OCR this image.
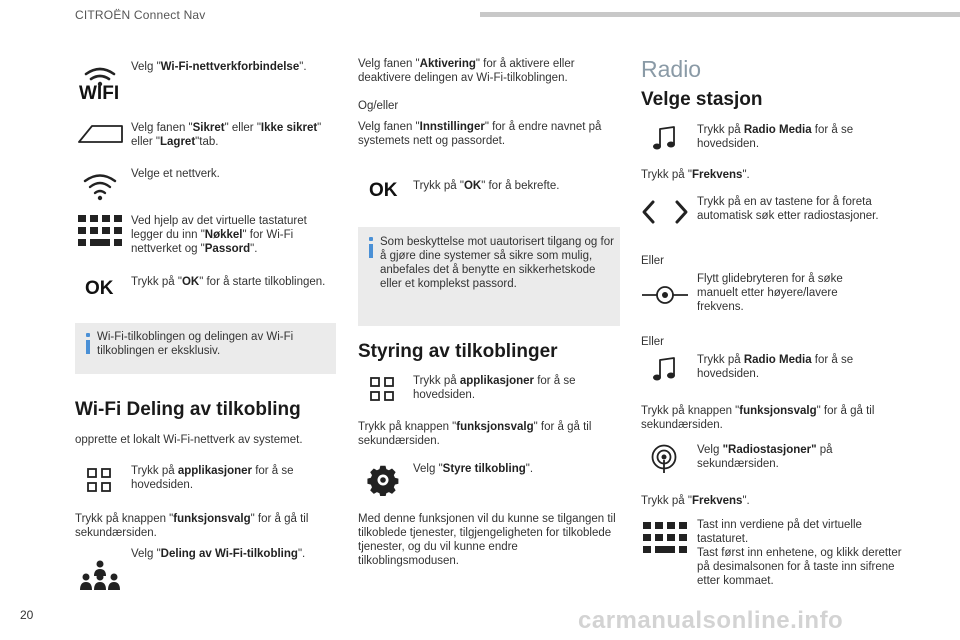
CITROËN Connect Nav
WIFI
Velg "Wi-Fi-nettverkforbindelse".
Velg fanen "Sikret" eller "Ikke sikret" eller "Lagret"tab.
Velge et nettverk.
Ved hjelp av det virtuelle tastaturet legger du inn "Nøkkel" for Wi-Fi nettverket og "Passord".
OK Trykk på "OK" for å starte tilkoblingen.
Wi-Fi-tilkoblingen og delingen av Wi-Fi tilkoblingen er eksklusiv.
Wi-Fi Deling av tilkobling
opprette et lokalt Wi-Fi-nettverk av systemet.
Trykk på applikasjoner for å se hovedsiden.
Trykk på knappen "funksjonsvalg" for å gå til sekundærsiden.
Velg "Deling av Wi-Fi-tilkobling".
Velg fanen "Aktivering" for å aktivere eller deaktivere delingen av Wi-Fi-tilkoblingen.
Og/eller
Velg fanen "Innstillinger" for å endre navnet på systemets nett og passordet.
OK Trykk på "OK" for å bekrefte.
Som beskyttelse mot uautorisert tilgang og for å gjøre dine systemer så sikre som mulig, anbefales det å benytte en sikkerhetskode eller et komplekst passord.
Styring av tilkoblinger
Trykk på applikasjoner for å se hovedsiden.
Trykk på knappen "funksjonsvalg" for å gå til sekundærsiden.
Velg "Styre tilkobling".
Med denne funksjonen vil du kunne se tilgangen til tilkoblede tjenester, tilgjengeligheten for tilkoblede tjenester, og du vil kunne endre tilkoblingsmodusen.
Radio
Velge stasjon
Trykk på Radio Media for å se hovedsiden.
Trykk på "Frekvens".
Trykk på en av tastene for å foreta automatisk søk etter radiostasjoner.
Eller
Flytt glidebryteren for å søke manuelt etter høyere/lavere frekvens.
Eller
Trykk på Radio Media for å se hovedsiden.
Trykk på knappen "funksjonsvalg" for å gå til sekundærsiden.
Velg "Radiostasjoner" på sekundærsiden.
Trykk på "Frekvens".
Tast inn verdiene på det virtuelle tastaturet.
Tast først inn enhetene, og klikk deretter på desimalsonen for å taste inn sifrene etter kommaet.
20	carmanualsonline.info
